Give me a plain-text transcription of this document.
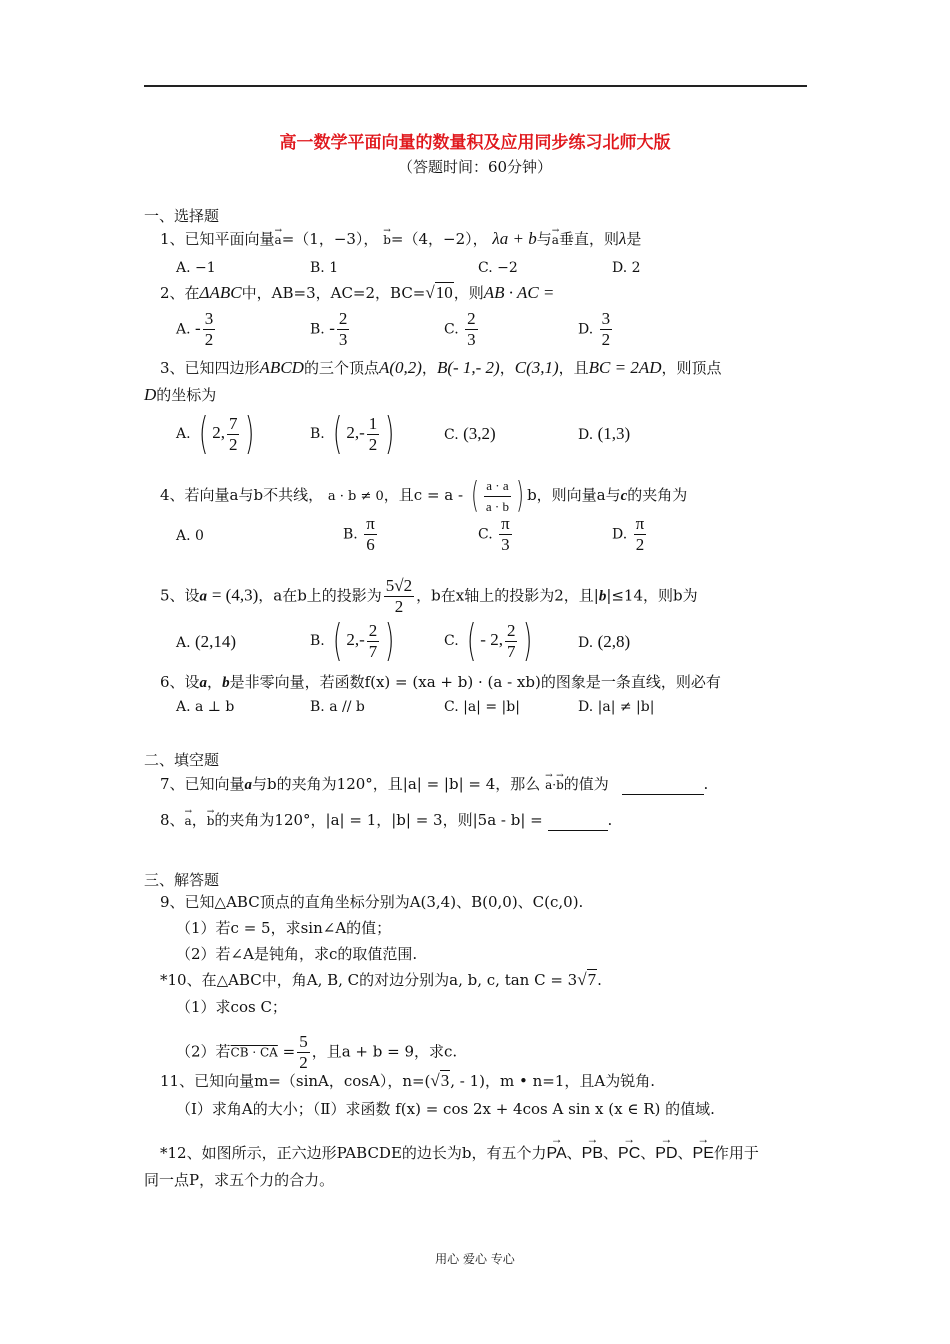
高一数学平面向量的数量积及应用同步练习北师大版
（答题时间：60分钟）
一、选择题
1、已知平面向量→ a=（1，−3）， → b=（4，−2）， λa + b与→ a垂直，则λ是
A. −1	B. 1	C. −2	D. 2
2、在ΔABC中，AB=3，AC=2，BC=√10，则AB · AC =
A. - $\frac{3}{2}$	B. - $\frac{2}{3}$	C. $\frac{2}{3}$	D. $\frac{3}{2}$
3、已知四边形ABCD的三个顶点A(0,2)，B(- 1,- 2)，C(3,1)，且BC = 2AD，则顶点
D的坐标为
A. ( 2, $\frac{7}{2}$ )	B. ( $2,- \frac{1}{2}$ )	C. (3,2)	D. (1,3)
4、若向量a与b不共线， a · b ≠ 0，且c = a - ( $\frac{a \cdot a}{a \cdot b}$ ) b，则向量a与c的夹角为
A. 0	B. $\frac{\pi}{6}$	C. $\frac{\pi}{3}$	D. $\frac{\pi}{2}$
5、设a = (4,3)，a在b上的投影为 $\frac{5√2}{2}$ ，b在x轴上的投影为2，且|b|≤14，则b为
A. (2,14)	B. ( $2,- \frac{2}{7}$ )	C. ( - 2, $\frac{2}{7}$ )	D. (2,8)
6、设a，b是非零向量，若函数f(x) = (xa + b) · (a - xb)的图象是一条直线，则必有
A. a ⊥ b	B. a // b	C. |a| = |b|	D. |a| ≠ |b|
二、填空题
7、已知向量a与b的夹角为120°，且|a| = |b| = 4，那么 → a·→ b的值为	.
8、→ a，→ b的夹角为120°，|a| = 1，|b| = 3，则|5a - b| =	.
三、解答题
9、已知△ABC顶点的直角坐标分别为A(3,4)、B(0,0)、C(c,0).
（1）若c = 5，求sin∠A的值；
（2）若∠A是钝角，求c的取值范围.
*10、在△ABC中，角A, B, C的对边分别为a, b, c, tan C = 3√7.
（1）求cos C；
（2）若CB · CA = $\frac{5}{2}$ ，且a + b = 9，求c.
11、已知向量m=（sinA，cosA），n=(√3, - 1)，m • n=1，且A为锐角.
（Ⅰ）求角A的大小；（Ⅱ）求函数 f(x) = cos 2x + 4cos A sin x (x ∈ R) 的值域.
*12、如图所示，正六边形PABCDE的边长为b，有五个力
→
PA、
→
PB、
→
PC、
→
PD、
→
PE作用于
同一点P，求五个力的合力。
用心 爱心 专心
